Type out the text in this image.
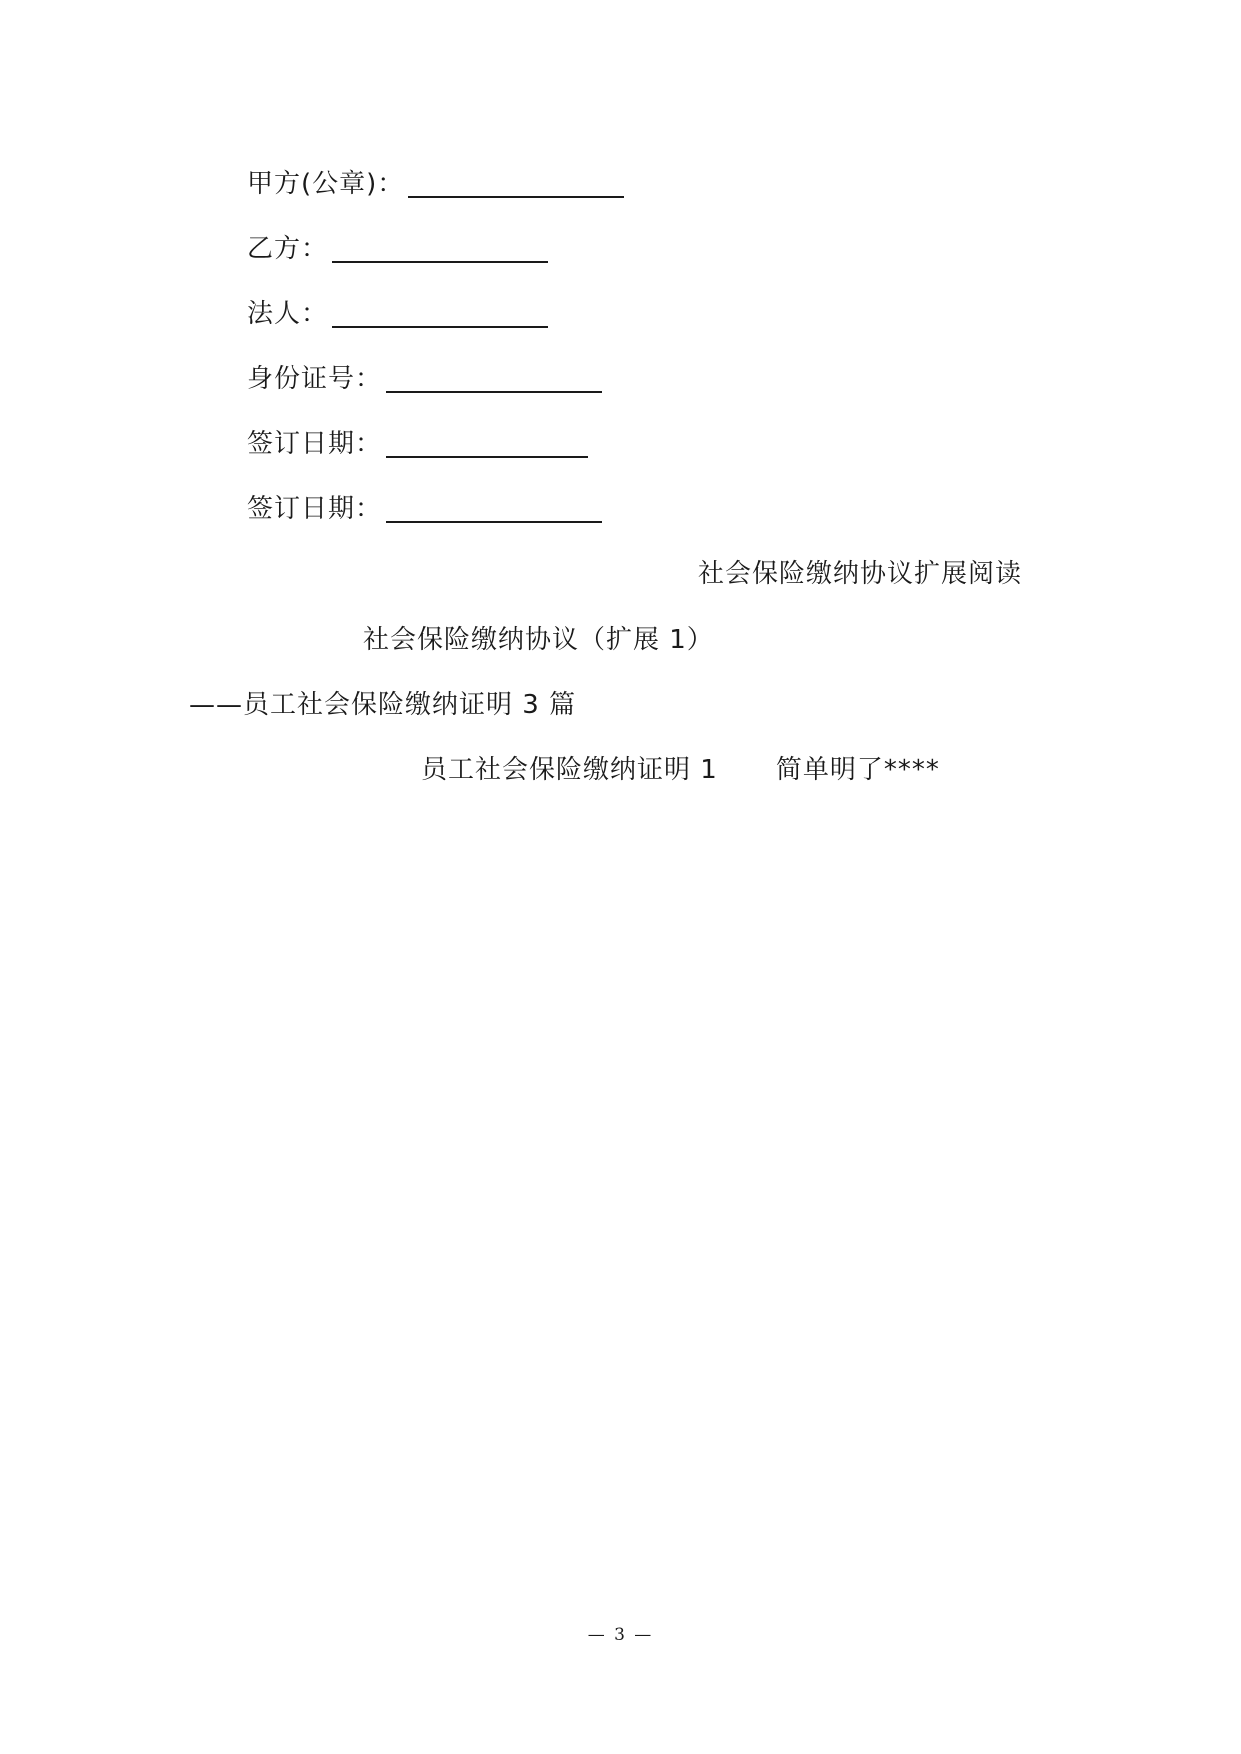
甲方(公章)：
乙方：
法人：
身份证号：
签订日期：
签订日期：
社会保险缴纳协议扩展阅读
社会保险缴纳协议（扩展 1）
——员工社会保险缴纳证明 3 篇
员工社会保险缴纳证明 1 简单明了****
— 3 —
